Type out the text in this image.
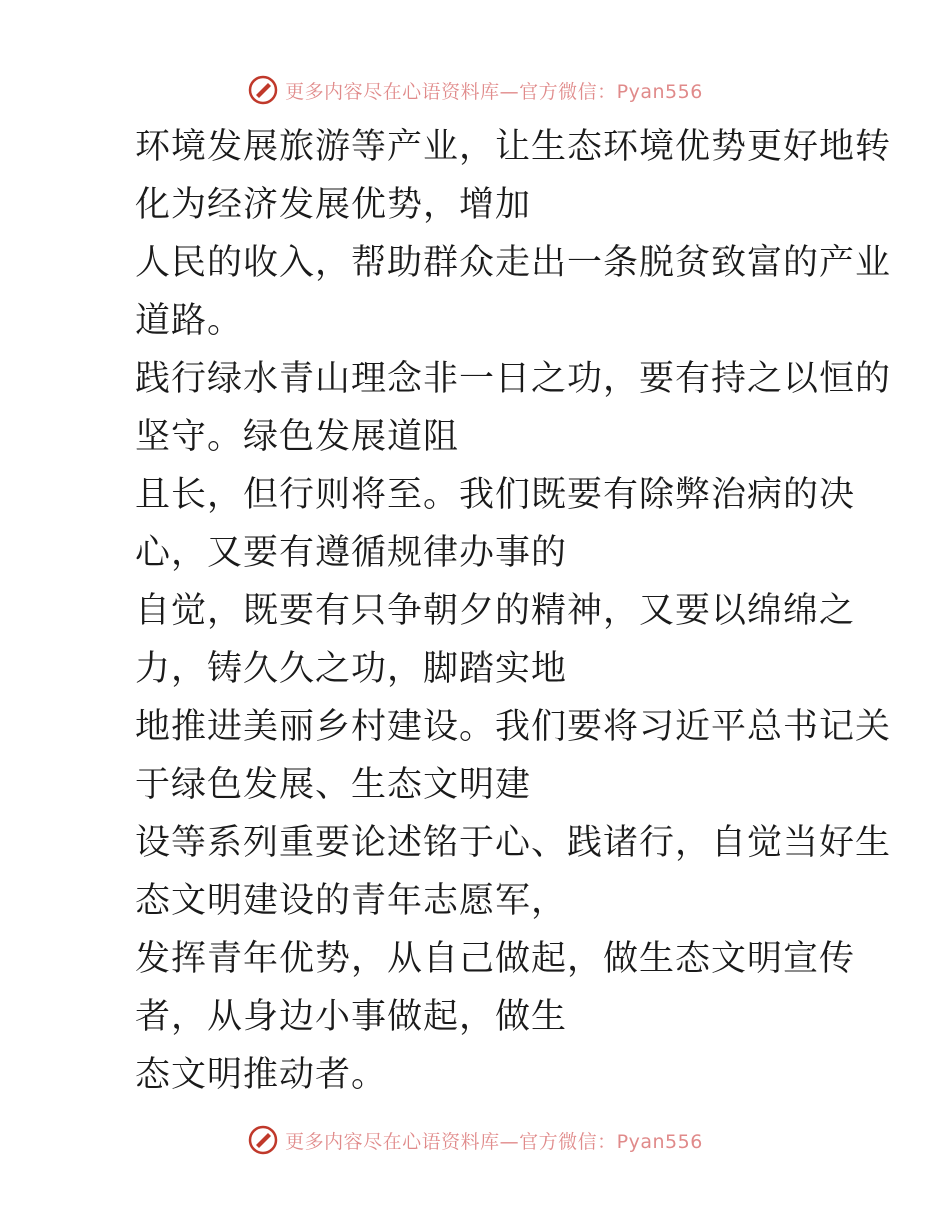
更多内容尽在心语资料库—官方微信：Pyan556

环境发展旅游等产业，让生态环境优势更好地转
化为经济发展优势，增加

人民的收入，帮助群众走出一条脱贫致富的产业
道路。

践行绿水青山理念非一日之功，要有持之以恒的
坚守。绿色发展道阻

且长，但行则将至。我们既要有除弊治病的决
心，又要有遵循规律办事的

自觉，既要有只争朝夕的精神，又要以绵绵之
力，铸久久之功，脚踏实地

地推进美丽乡村建设。我们要将习近平总书记关
于绿色发展、生态文明建

设等系列重要论述铭于心、践诸行，自觉当好生
态文明建设的青年志愿军，

发挥青年优势，从自己做起，做生态文明宣传
者，从身边小事做起，做生

态文明推动者。

更多内容尽在心语资料库—官方微信：Pyan556
